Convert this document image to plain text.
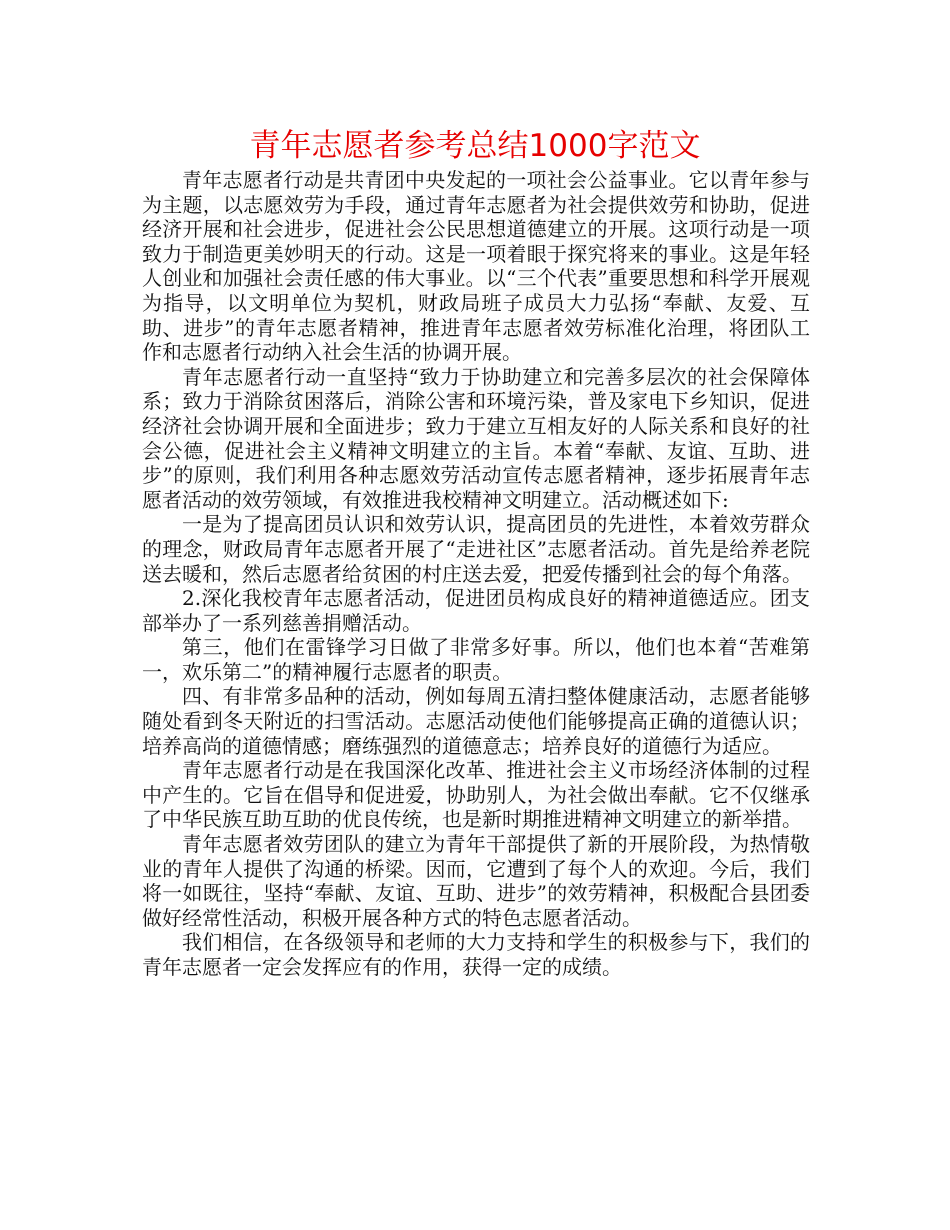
青年志愿者参考总结1000字范文

青年志愿者行动是共青团中央发起的一项社会公益事业。它以青年参与为主题，以志愿效劳为手段，通过青年志愿者为社会提供效劳和协助，促进经济开展和社会进步，促进社会公民思想道德建立的开展。这项行动是一项致力于制造更美妙明天的行动。这是一项着眼于探究将来的事业。这是年轻人创业和加强社会责任感的伟大事业。以“三个代表”重要思想和科学开展观为指导，以文明单位为契机，财政局班子成员大力弘扬“奉献、友爱、互助、进步”的青年志愿者精神，推进青年志愿者效劳标准化治理，将团队工作和志愿者行动纳入社会生活的协调开展。

青年志愿者行动一直坚持“致力于协助建立和完善多层次的社会保障体系；致力于消除贫困落后，消除公害和环境污染，普及家电下乡知识，促进经济社会协调开展和全面进步；致力于建立互相友好的人际关系和良好的社会公德，促进社会主义精神文明建立的主旨。本着“奉献、友谊、互助、进步”的原则，我们利用各种志愿效劳活动宣传志愿者精神，逐步拓展青年志愿者活动的效劳领域，有效推进我校精神文明建立。活动概述如下:

一是为了提高团员认识和效劳认识，提高团员的先进性，本着效劳群众的理念，财政局青年志愿者开展了“走进社区”志愿者活动。首先是给养老院送去暖和，然后志愿者给贫困的村庄送去爱，把爱传播到社会的每个角落。

2.深化我校青年志愿者活动，促进团员构成良好的精神道德适应。团支部举办了一系列慈善捐赠活动。

第三，他们在雷锋学习日做了非常多好事。所以，他们也本着“苦难第一，欢乐第二”的精神履行志愿者的职责。

四、有非常多品种的活动，例如每周五清扫整体健康活动，志愿者能够随处看到冬天附近的扫雪活动。志愿活动使他们能够提高正确的道德认识；培养高尚的道德情感；磨练强烈的道德意志；培养良好的道德行为适应。

青年志愿者行动是在我国深化改革、推进社会主义市场经济体制的过程中产生的。它旨在倡导和促进爱，协助别人，为社会做出奉献。它不仅继承了中华民族互助互助的优良传统，也是新时期推进精神文明建立的新举措。

青年志愿者效劳团队的建立为青年干部提供了新的开展阶段，为热情敬业的青年人提供了沟通的桥梁。因而，它遭到了每个人的欢迎。今后，我们将一如既往，坚持“奉献、友谊、互助、进步”的效劳精神，积极配合县团委做好经常性活动，积极开展各种方式的特色志愿者活动。

我们相信，在各级领导和老师的大力支持和学生的积极参与下，我们的青年志愿者一定会发挥应有的作用，获得一定的成绩。
